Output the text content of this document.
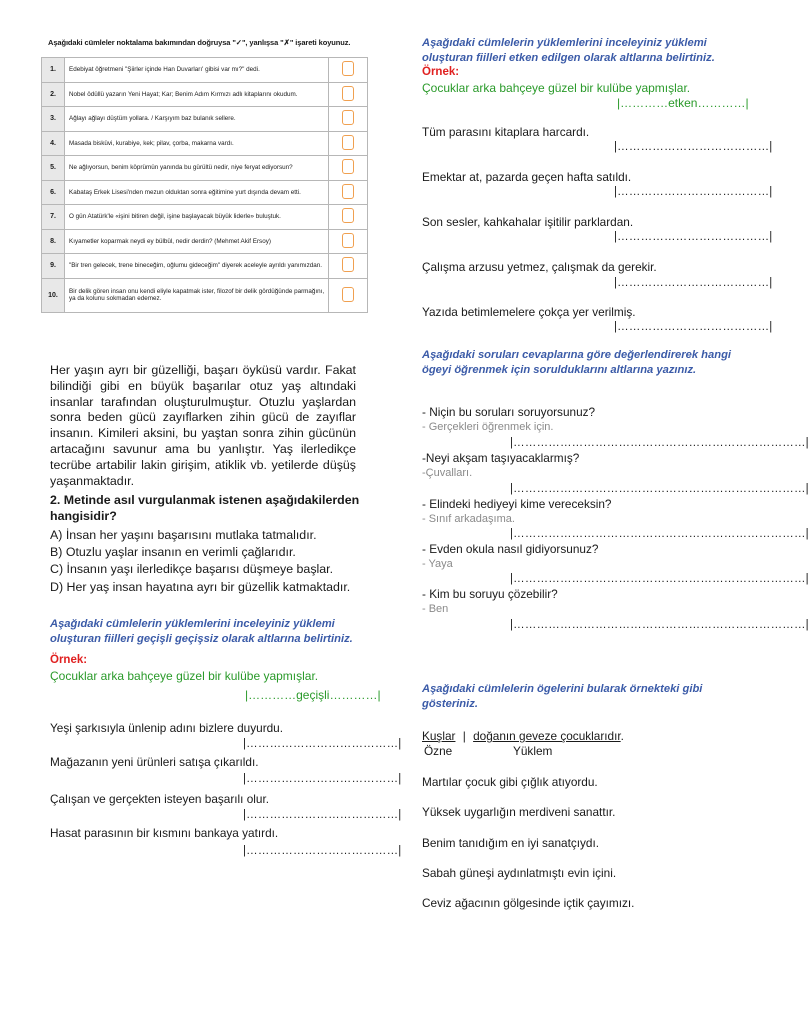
Aşağıdaki cümleler noktalama bakımından doğruysa "✓", yanlışsa "✗" işareti koyunuz.
1.	Edebiyat öğretmeni "Şiirler içinde Han Duvarları' gibisi var mı?" dedi.	
2.	Nobel ödüllü yazarın Yeni Hayat; Kar; Benim Adım Kırmızı adlı kitaplarını okudum.	
3.	Ağlayı ağlayı düştüm yollara. / Karşıyım baz bulanık sellere.	
4.	Masada bisküvi, kurabiye, kek; pilav, çorba, makarna vardı.	
5.	Ne ağlıyorsun, benim köprümün yanında bu gürültü nedir, niye feryat ediyorsun?	
6.	Kabataş Erkek Lisesi'nden mezun olduktan sonra eğitimine yurt dışında devam etti.	
7.	O gün Atatürk'le «işini bitiren değil, işine başlayacak büyük liderle» buluştuk.	
8.	Kıyametler koparmak neydi ey bülbül, nedir derdin? (Mehmet Akif Ersoy)	
9.	"Bir tren gelecek, trene bineceğim, oğlumu gideceğim" diyerek aceleyle ayrıldı yanımızdan.	
10.	Bir delik gören insan onu kendi eliyle kapatmak ister, filozof bir delik gördüğünde parmağını, ya da kolunu sokmadan edemez.	
Her yaşın ayrı bir güzelliği, başarı öyküsü vardır. Fakat bilindiği gibi en büyük başarılar otuz yaş altındaki insanlar tarafından oluşturulmuştur. Otuzlu yaşlardan sonra beden gücü zayıflarken zihin gücü de zayıflar insanın. Kimileri aksini, bu yaştan sonra zihin gücünün artacağını savunur ama bu yanlıştır. Yaş ilerledikçe tecrübe artabilir lakin girişim, atiklik vb. yetilerde düşüş yaşanmaktadır.
2. Metinde asıl vurgulanmak istenen aşağıdakilerden hangisidir?
A) İnsan her yaşını başarısını mutlaka tatmalıdır.
B) Otuzlu yaşlar insanın en verimli çağlarıdır.
C) İnsanın yaşı ilerledikçe başarısı düşmeye başlar.
D) Her yaş insan hayatına ayrı bir güzellik katmaktadır.
Aşağıdaki cümlelerin yüklemlerini inceleyiniz yüklemi oluşturan fiilleri geçişli geçişsiz olarak altlarına belirtiniz.
Örnek:
Çocuklar arka bahçeye güzel bir kulübe yapmışlar.
|…………geçişli…………|
Yeşi şarkısıyla ünlenip adını bizlere duyurdu.
|…………………………………|
Mağazanın yeni ürünleri satışa çıkarıldı.
|…………………………………|
Çalışan ve gerçekten isteyen başarılı olur.
|…………………………………|
Hasat parasının bir kısmını bankaya yatırdı.
|…………………………………|
Aşağıdaki cümlelerin yüklemlerini inceleyiniz yüklemi oluşturan fiilleri etken edilgen olarak altlarına belirtiniz.
Örnek:
Çocuklar arka bahçeye güzel bir kulübe yapmışlar.
|…………etken…………|
Tüm parasını kitaplara harcardı.
|…………………………………|
Emektar at, pazarda geçen hafta satıldı.
|…………………………………|
Son sesler, kahkahalar işitilir parklardan.
|…………………………………|
Çalışma arzusu yetmez, çalışmak da gerekir.
|…………………………………|
Yazıda betimlemelere çokça yer verilmiş.
|…………………………………|
Aşağıdaki soruları cevaplarına göre değerlendirerek hangi ögeyi öğrenmek için sorulduklarını altlarına yazınız.
- Niçin bu soruları soruyorsunuz?
- Gerçekleri öğrenmek için.
|…………………………………………………………………|
-Neyi akşam taşıyacaklarmış?
-Çuvalları.
|…………………………………………………………………|
- Elindeki hediyeyi kime vereceksin?
- Sınıf arkadaşıma.
|…………………………………………………………………|
- Evden okula nasıl gidiyorsunuz?
- Yaya
|…………………………………………………………………|
- Kim bu soruyu çözebilir?
- Ben
|…………………………………………………………………|
Aşağıdaki cümlelerin ögelerini bularak örnekteki gibi gösteriniz.
Kuşlar | doğanın geveze çocuklarıdır.
Özne	Yüklem
Martılar çocuk gibi çığlık atıyordu.
Yüksek uygarlığın merdiveni sanattır.
Benim tanıdığım en iyi sanatçıydı.
Sabah güneşi aydınlatmıştı evin içini.
Ceviz ağacının gölgesinde içtik çayımızı.
